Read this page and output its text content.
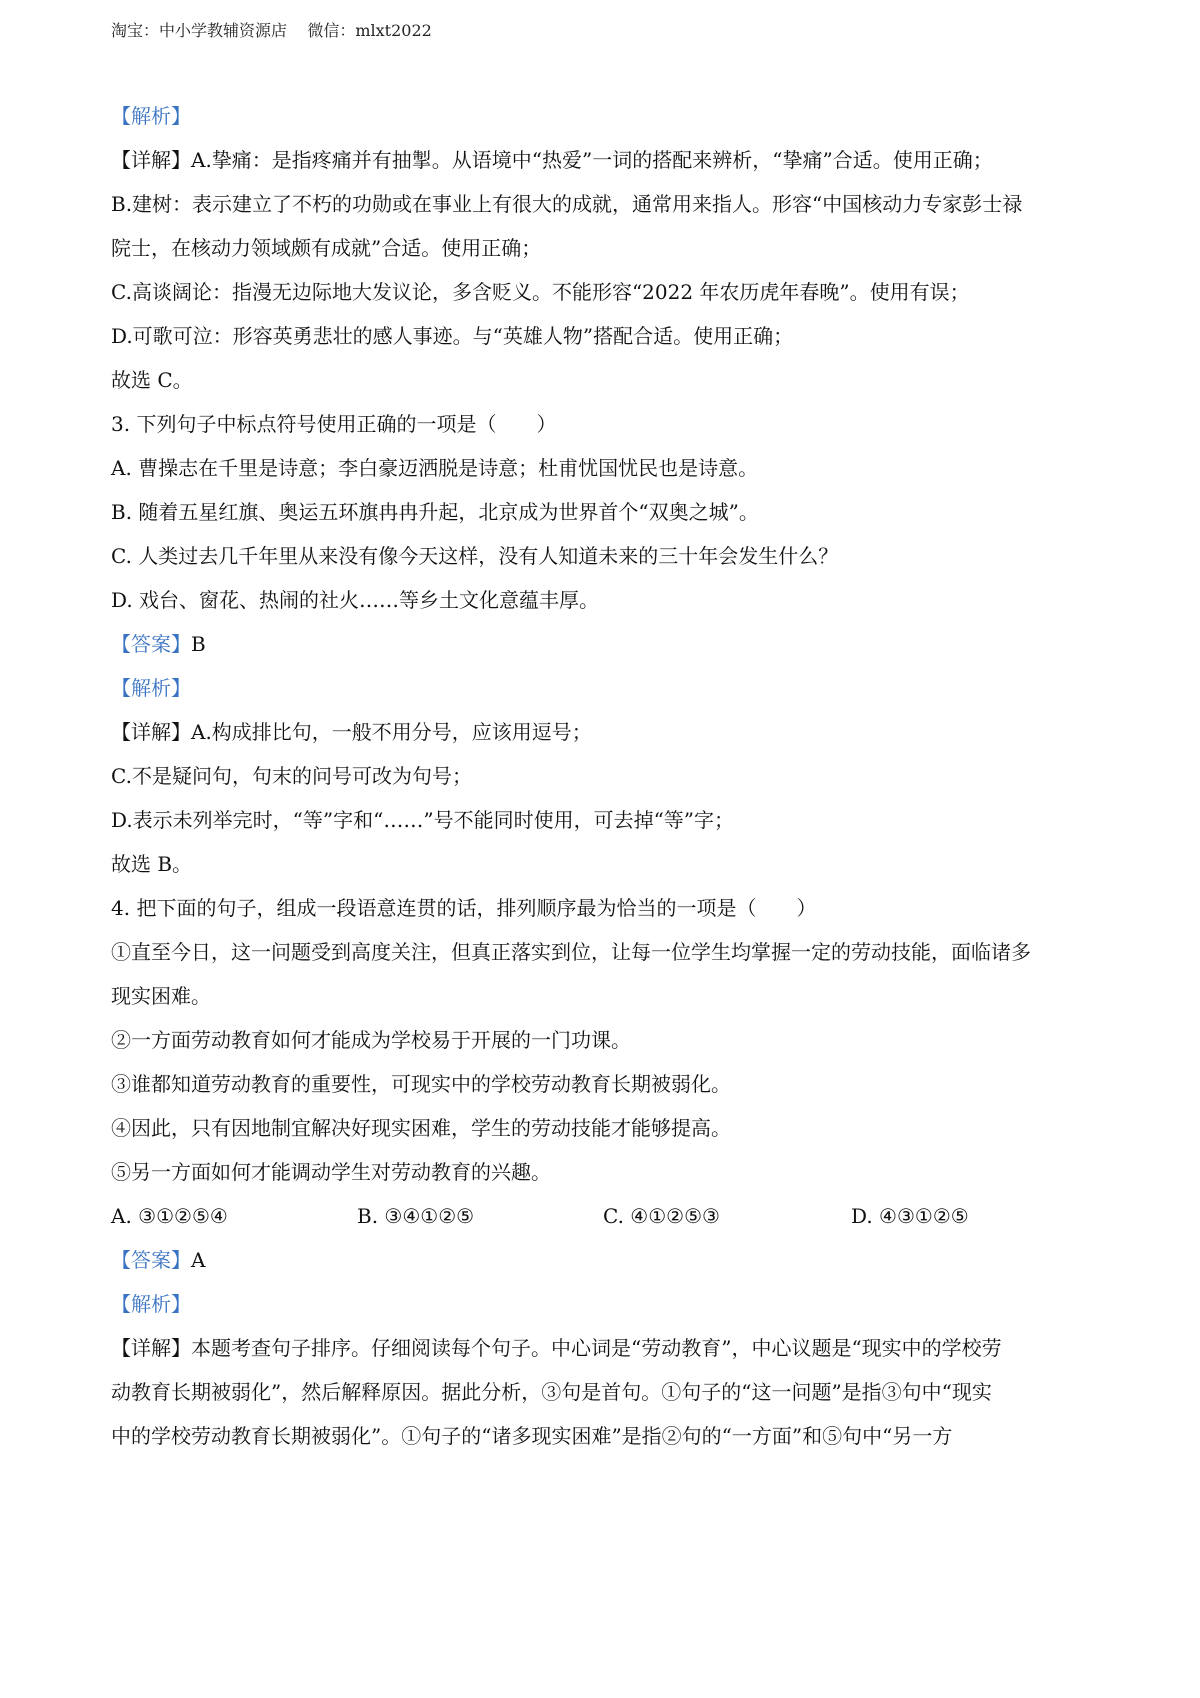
淘宝：中小学教辅资源店    微信：mlxt2022
【解析】
【详解】A.挚痛：是指疼痛并有抽掣。从语境中“热爱”一词的搭配来辨析，“挚痛”合适。使用正确；
B.建树：表示建立了不朽的功勋或在事业上有很大的成就，通常用来指人。形容“中国核动力专家彭士禄
院士，在核动力领域颇有成就”合适。使用正确；
C.高谈阔论：指漫无边际地大发议论，多含贬义。不能形容“2022 年农历虎年春晚”。使用有误；
D.可歌可泣：形容英勇悲壮的感人事迹。与“英雄人物”搭配合适。使用正确；
故选 C。
3. 下列句子中标点符号使用正确的一项是（　　）
A. 曹操志在千里是诗意；李白豪迈洒脱是诗意；杜甫忧国忧民也是诗意。
B. 随着五星红旗、奥运五环旗冉冉升起，北京成为世界首个“双奥之城”。
C. 人类过去几千年里从来没有像今天这样，没有人知道未来的三十年会发生什么？
D. 戏台、窗花、热闹的社火……等乡土文化意蕴丰厚。
【答案】B
【解析】
【详解】A.构成排比句，一般不用分号，应该用逗号；
C.不是疑问句，句末的问号可改为句号；
D.表示未列举完时，“等”字和“……”号不能同时使用，可去掉“等”字；
故选 B。
4. 把下面的句子，组成一段语意连贯的话，排列顺序最为恰当的一项是（　　）
①直至今日，这一问题受到高度关注，但真正落实到位，让每一位学生均掌握一定的劳动技能，面临诸多
现实困难。
②一方面劳动教育如何才能成为学校易于开展的一门功课。
③谁都知道劳动教育的重要性，可现实中的学校劳动教育长期被弱化。
④因此，只有因地制宜解决好现实困难，学生的劳动技能才能够提高。
⑤另一方面如何才能调动学生对劳动教育的兴趣。
A. ③①②⑤④	B. ③④①②⑤	C. ④①②⑤③	D. ④③①②⑤
【答案】A
【解析】
【详解】本题考查句子排序。仔细阅读每个句子。中心词是“劳动教育”，中心议题是“现实中的学校劳
动教育长期被弱化”，然后解释原因。据此分析，③句是首句。①句子的“这一问题”是指③句中“现实
中的学校劳动教育长期被弱化”。①句子的“诸多现实困难”是指②句的“一方面”和⑤句中“另一方
